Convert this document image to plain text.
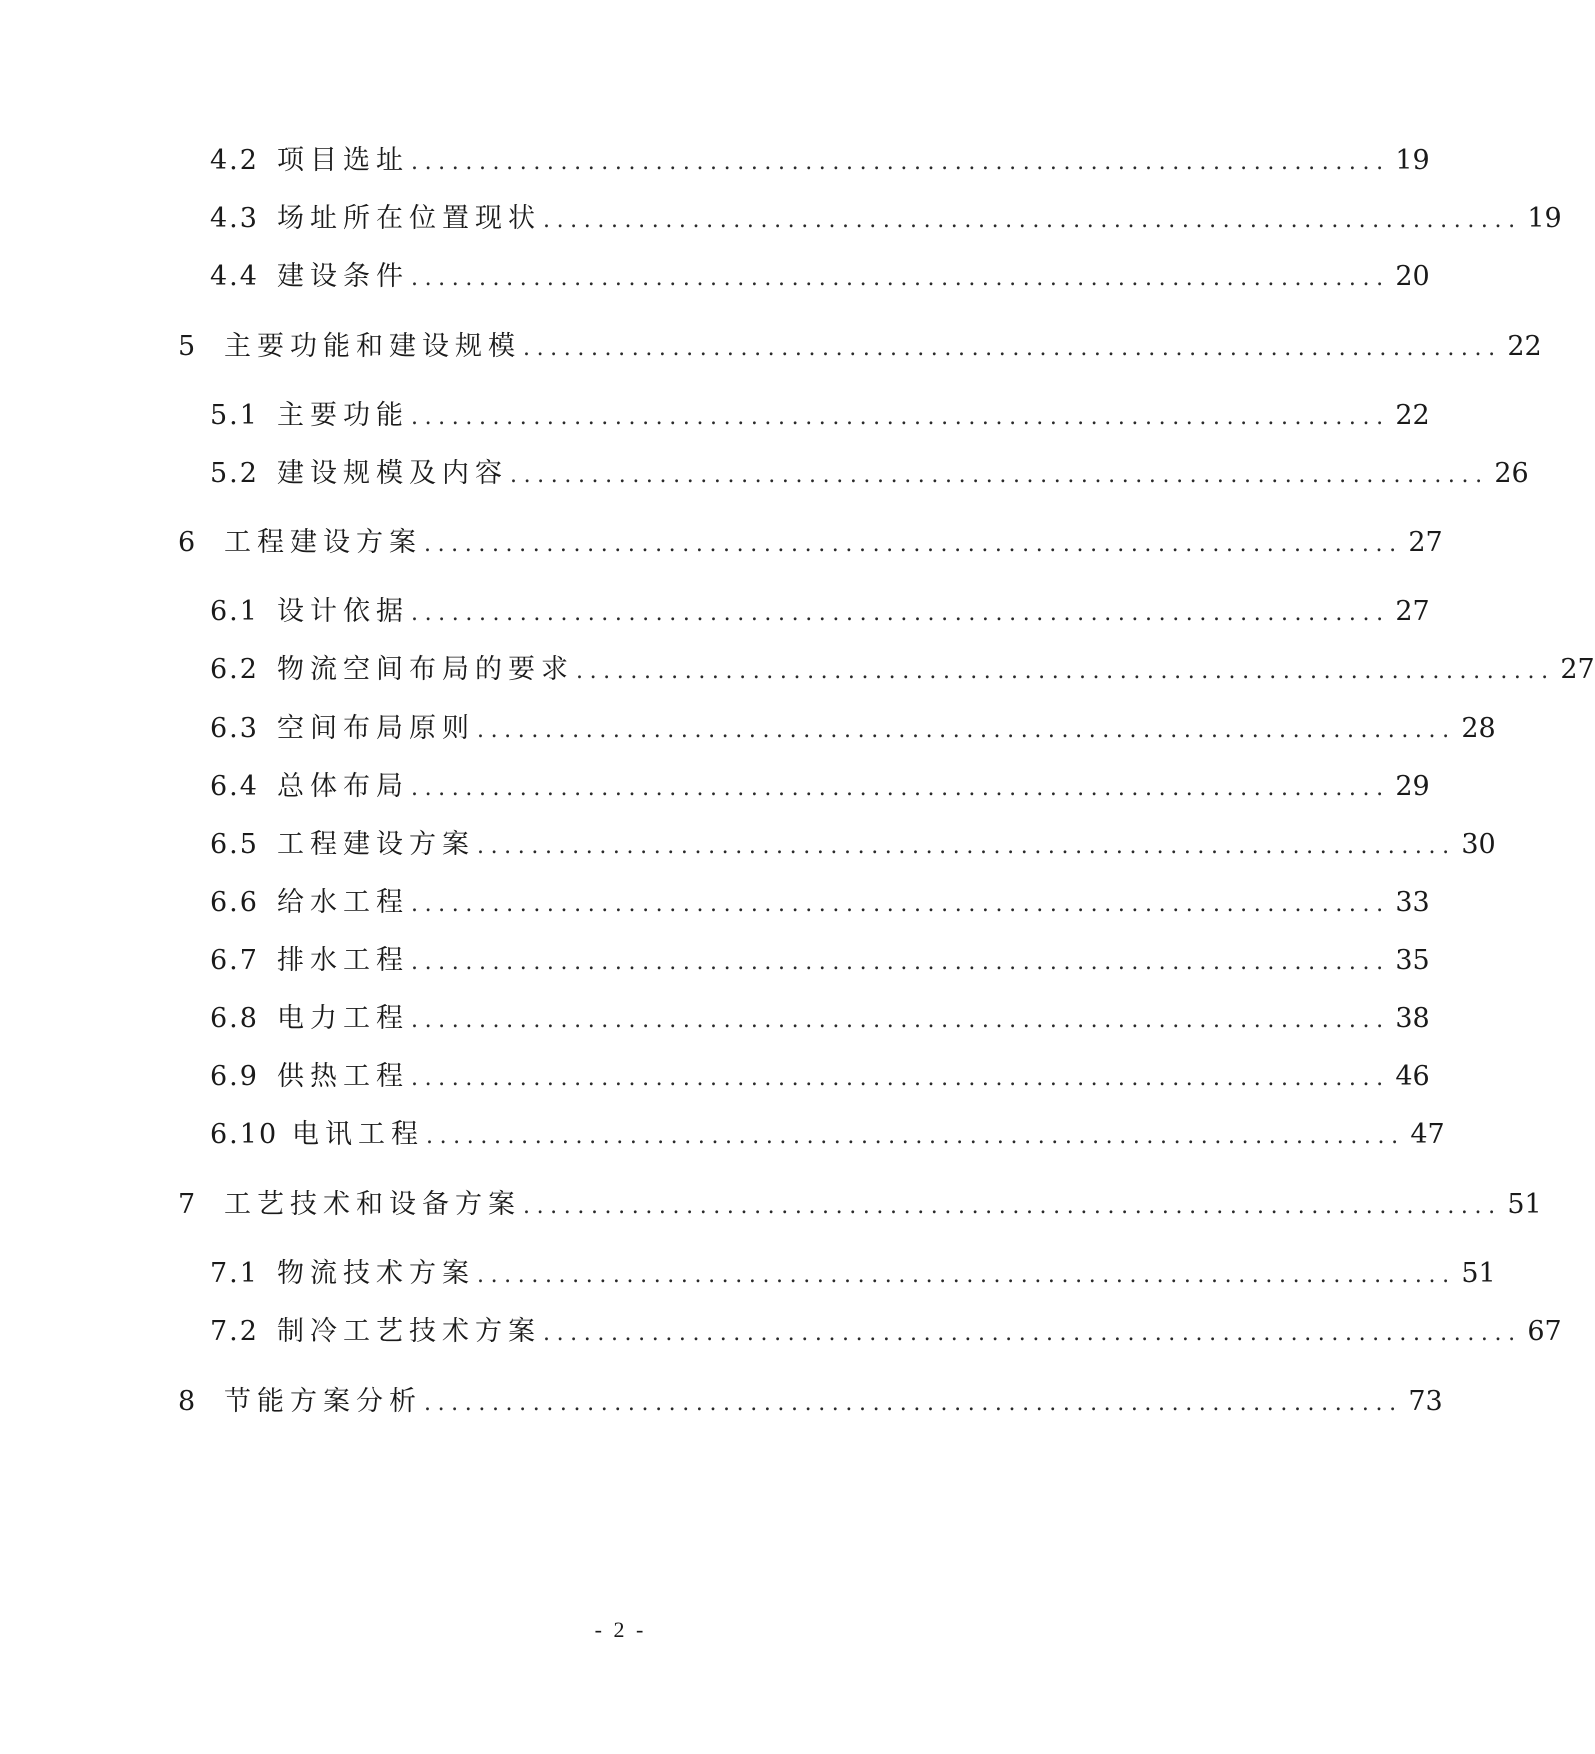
4.2 项目选址 ........................................................................ 19
4.3 场址所在位置现状 ........................................................................ 19
4.4 建设条件 ........................................................................ 20
5 主要功能和建设规模 ........................................................................ 22
5.1 主要功能 ........................................................................ 22
5.2 建设规模及内容 ........................................................................ 26
6 工程建设方案 ........................................................................ 27
6.1 设计依据 ........................................................................ 27
6.2 物流空间布局的要求 ........................................................................ 27
6.3 空间布局原则 ........................................................................ 28
6.4 总体布局 ........................................................................ 29
6.5 工程建设方案 ........................................................................ 30
6.6 给水工程 ........................................................................ 33
6.7 排水工程 ........................................................................ 35
6.8 电力工程 ........................................................................ 38
6.9 供热工程 ........................................................................ 46
6.10 电讯工程 ........................................................................ 47
7 工艺技术和设备方案 ........................................................................ 51
7.1 物流技术方案 ........................................................................ 51
7.2 制冷工艺技术方案 ........................................................................ 67
8 节能方案分析 ........................................................................ 73
- 2 -
